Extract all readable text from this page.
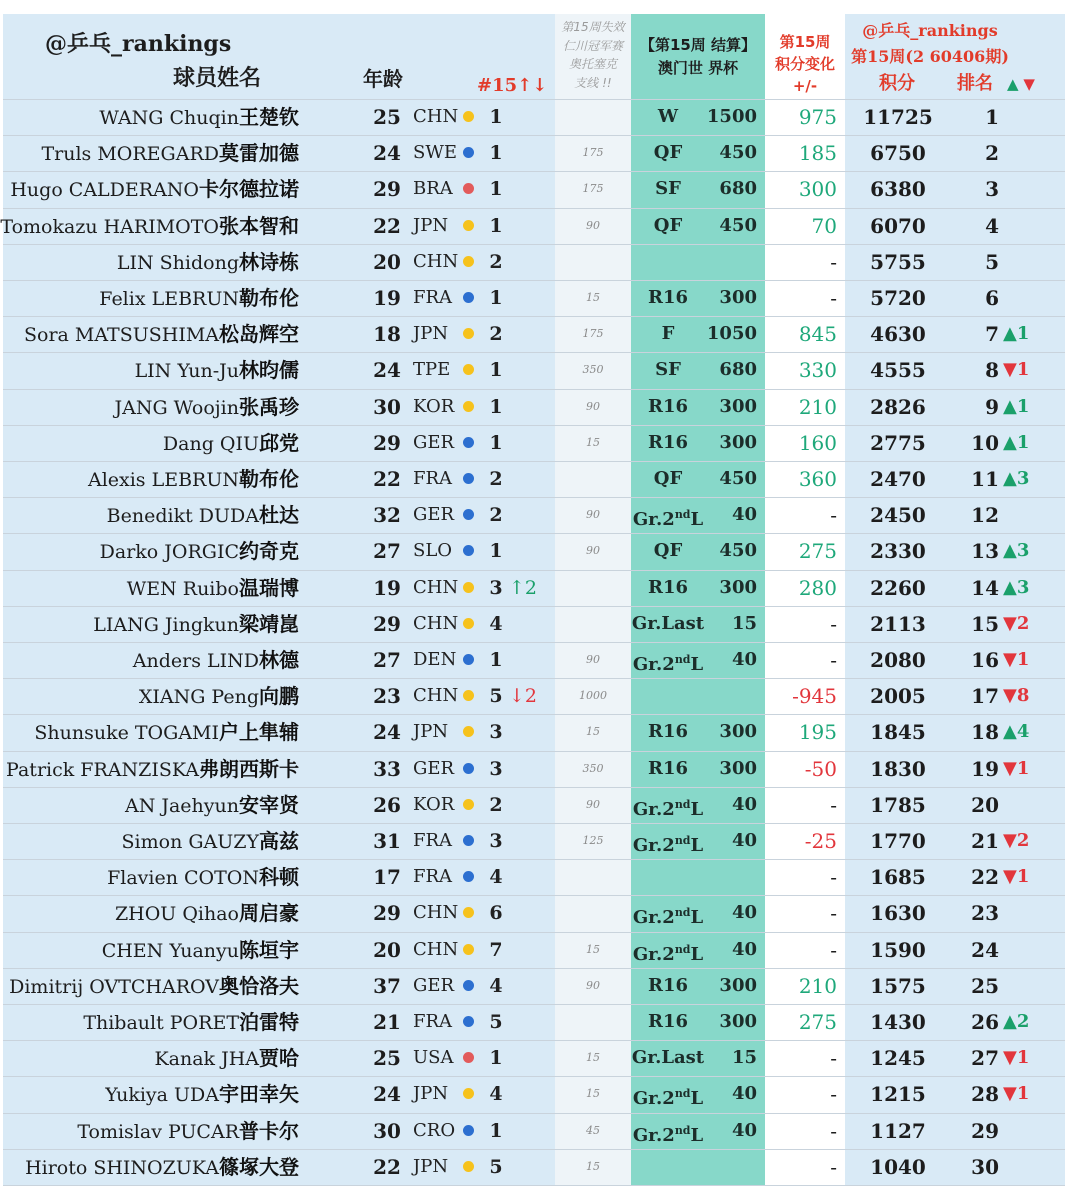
@乒乓_rankings
球员姓名	年龄	#15↑↓
第15周失效
仁川冠军赛
奥托塞克
支线 !!
【第15周 结算】
澳门世 界杯
第15周
积分变化
+/-
@乒乓_rankings
第15周(2 60406期)
积分 排名 ▲ ▼
WANG Chuqin王楚钦	25 CHN 1	W	1500	975	11725	1
Truls MOREGARD莫雷加德	24 SWE 1	175	QF	450	185	6750	2
Hugo CALDERANO卡尔德拉诺	29 BRA	1	175	SF	680	300	6380	3
Tomokazu HARIMOTO张本智和	22 JPN	1	90	QF	450	70	6070	4
LIN Shidong林诗栋	20 CHN 2	-	5755	5
Felix LEBRUN勒布伦	19 FRA	1	15	R16	300	-	5720	6
Sora MATSUSHIMA松岛辉空	18 JPN	2	175	F	1050	845	4630	7 ▲1
LIN Yun-Ju林昀儒	24 TPE	1	350	SF	680	330	4555	8 ▼1
JANG Woojin张禹珍	30 KOR	1	90	R16	300	210	2826	9 ▲1
Dang QIU邱党	29 GER	1	15	R16	300	160	2775	10 ▲1
Alexis LEBRUN勒布伦	22 FRA	2	QF	450	360	2470	11 ▲3
Benedikt DUDA杜达	32 GER	2	90	Gr.2ndL	40	-	2450	12
Darko JORGIC约奇克	27 SLO	1	90	QF	450	275	2330	13 ▲3
WEN Ruibo温瑞博	19 CHN 3 ↑2	R16	300	280	2260	14 ▲3
LIANG Jingkun梁靖崑	29 CHN 4	Gr.Last	15	-	2113	15 ▼2
Anders LIND林德	27 DEN 1	90	Gr.2ndL	40	-	2080	16 ▼1
XIANG Peng向鹏	23 CHN 5 ↓2	1000	-945	2005	17 ▼8
Shunsuke TOGAMI户上隼辅	24 JPN	3	15	R16	300	195	1845	18 ▲4
Patrick FRANZISKA弗朗西斯卡	33 GER	3	350	R16	300	-50	1830	19 ▼1
AN Jaehyun安宰贤	26 KOR	2	90	Gr.2ndL	40	-	1785	20
Simon GAUZY高兹	31 FRA	3	125	Gr.2ndL	40	-25	1770	21 ▼2
Flavien COTON科顿	17 FRA	4	-	1685	22 ▼1
ZHOU Qihao周启豪	29 CHN 6	Gr.2ndL	40	-	1630	23
CHEN Yuanyu陈垣宇	20 CHN 7	15	Gr.2ndL	40	-	1590	24
Dimitrij OVTCHAROV奥恰洛夫	37 GER	4	90	R16	300	210	1575	25
Thibault PORET泊雷特	21 FRA	5	R16	300	275	1430	26 ▲2
Kanak JHA贾哈	25 USA	1	15	Gr.Last	15	-	1245	27 ▼1
Yukiya UDA宇田幸矢	24 JPN	4	15	Gr.2ndL	40	-	1215	28 ▼1
Tomislav PUCAR普卡尔	30 CRO	1	45	Gr.2ndL	40	-	1127	29
Hiroto SHINOZUKA篠塚大登	22 JPN	5	15	-	1040	30
